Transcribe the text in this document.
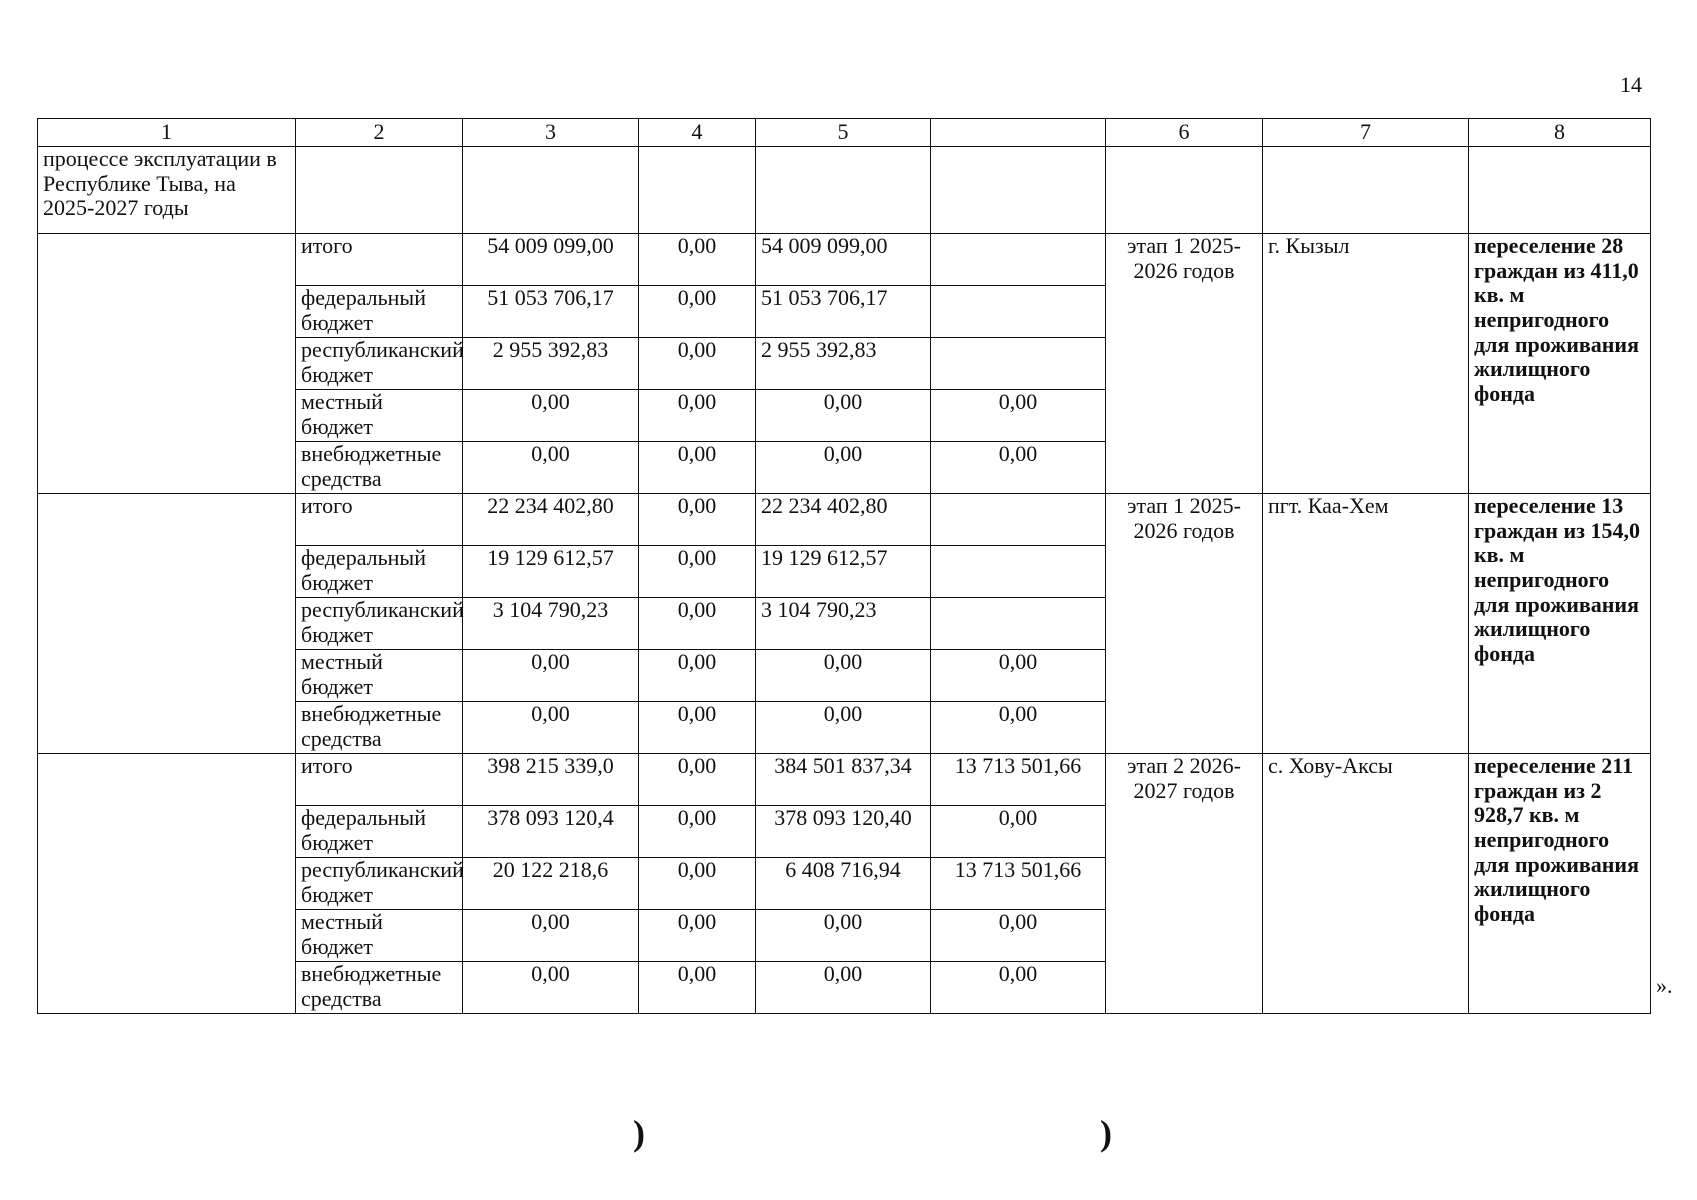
14
1	2	3	4	5		6	7	8
процессе эксплуатации в Республике Тыва, на 2025-2027 годы								
	итого	54 009 099,00	0,00	54 009 099,00		этап 1 2025-2026 годов	г. Кызыл	переселение 28 граждан из 411,0 кв. м непригодного для проживания жилищного фонда
	федеральный бюджет	51 053 706,17	0,00	51 053 706,17				
	республиканский бюджет	2 955 392,83	0,00	2 955 392,83				
	местный бюджет	0,00	0,00	0,00	0,00			
	внебюджетные средства	0,00	0,00	0,00	0,00			
	итого	22 234 402,80	0,00	22 234 402,80		этап 1 2025-2026 годов	пгт. Каа-Хем	переселение 13 граждан из 154,0 кв. м непригодного для проживания жилищного фонда
	федеральный бюджет	19 129 612,57	0,00	19 129 612,57				
	республиканский бюджет	3 104 790,23	0,00	3 104 790,23				
	местный бюджет	0,00	0,00	0,00	0,00			
	внебюджетные средства	0,00	0,00	0,00	0,00			
	итого	398 215 339,0	0,00	384 501 837,34	13 713 501,66	этап 2 2026-2027 годов	с. Хову-Аксы	переселение 211 граждан из 2 928,7 кв. м непригодного для проживания жилищного фонда
	федеральный бюджет	378 093 120,4	0,00	378 093 120,40	0,00			
	республиканский бюджет	20 122 218,6	0,00	6 408 716,94	13 713 501,66			
	местный бюджет	0,00	0,00	0,00	0,00			
	внебюджетные средства	0,00	0,00	0,00	0,00				».
)	)
